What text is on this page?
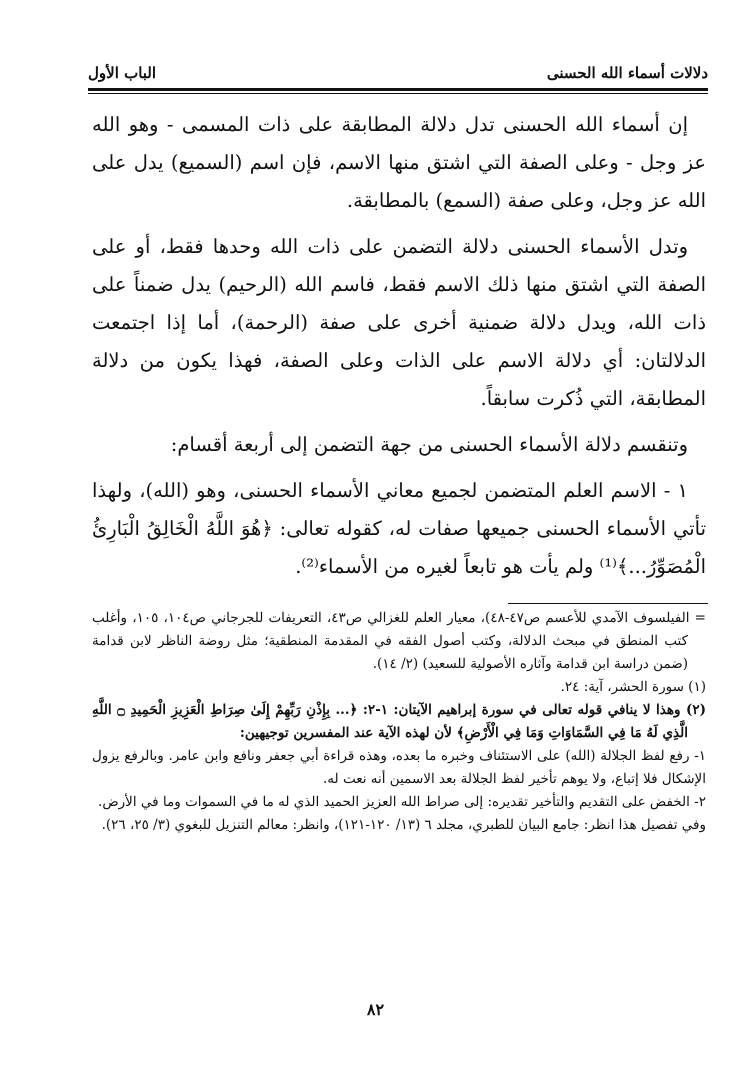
دلالات أسماء الله الحسنى
الباب الأول

إن أسماء الله الحسنى تدل دلالة المطابقة على ذات المسمى - وهو الله عز وجل - وعلى الصفة التي اشتق منها الاسم، فإن اسم (السميع) يدل على الله عز وجل، وعلى صفة (السمع) بالمطابقة.

وتدل الأسماء الحسنى دلالة التضمن على ذات الله وحدها فقط، أو على الصفة التي اشتق منها ذلك الاسم فقط، فاسم الله (الرحيم) يدل ضمناً على ذات الله، ويدل دلالة ضمنية أخرى على صفة (الرحمة)، أما إذا اجتمعت الدلالتان: أي دلالة الاسم على الذات وعلى الصفة، فهذا يكون من دلالة المطابقة، التي ذُكرت سابقاً.

وتنقسم دلالة الأسماء الحسنى من جهة التضمن إلى أربعة أقسام:

١ - الاسم العلم المتضمن لجميع معاني الأسماء الحسنى، وهو (الله)، ولهذا تأتي الأسماء الحسنى جميعها صفات له، كقوله تعالى: ﴿هُوَ اللَّهُ الْخَالِقُ الْبَارِئُ الْمُصَوِّرُ...﴾⁽¹⁾ ولم يأت هو تابعاً لغيره من الأسماء⁽²⁾.

= الفيلسوف الآمدي للأعسم ص٤٧-٤٨)، معيار العلم للغزالي ص٤٣، التعريفات للجرجاني ص١٠٤، ١٠٥، وأغلب كتب المنطق في مبحث الدلالة، وكتب أصول الفقه في المقدمة المنطقية؛ مثل روضة الناظر لابن قدامة (ضمن دراسة ابن قدامة وآثاره الأصولية للسعيد) (٢/ ١٤).

(١) سورة الحشر، آية: ٢٤.

(٢) وهذا لا ينافي قوله تعالى في سورة إبراهيم الآيتان: ١-٢: ﴿... بِإِذْنِ رَبِّهِمْ إِلَىٰ صِرَاطِ الْعَزِيزِ الْحَمِيدِ ۝ اللَّهِ الَّذِي لَهُ مَا فِي السَّمَاوَاتِ وَمَا فِي الْأَرْضِ﴾ لأن لهذه الآية عند المفسرين توجيهين:

١- رفع لفظ الجلالة (الله) على الاستئناف وخبره ما بعده، وهذه قراءة أبي جعفر ونافع وابن عامر. وبالرفع يزول الإشكال فلا إتباع، ولا يوهم تأخير لفظ الجلالة بعد الاسمين أنه نعت له.

٢- الخفض على التقديم والتأخير تقديره: إلى صراط الله العزيز الحميد الذي له ما في السموات وما في الأرض.

وفي تفصيل هذا انظر: جامع البيان للطبري، مجلد ٦ (١٣/ ١٢٠-١٢١)، وانظر: معالم التنزيل للبغوي (٣/ ٢٥، ٢٦).

٨٢
